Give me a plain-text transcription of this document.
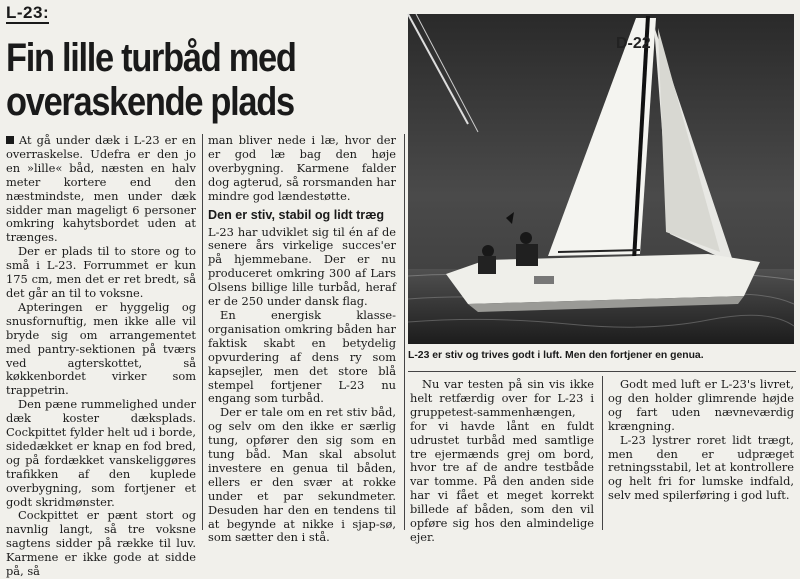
L-23:
Fin lille turbåd med
overaskende plads
D-22
L-23 er stiv og trives godt i luft. Men den fortjener en genua.

At gå under dæk i L-23 er en overraskelse. Udefra er den jo en »lille« båd, næsten en halv meter kortere end den næstmindste, men under dæk sidder man mageligt 6 personer omkring kahytsbordet uden at trænges.

Der er plads til to store og to små i L-23. Forrummet er kun 175 cm, men det er ret bredt, så det går an til to voksne.

Apteringen er hyggelig og snusfornuftig, men ikke alle vil bryde sig om arrangementet med pantry-sektionen på tværs ved agterskottet, så køkkenbordet virker som trappetrin.

Den pæne rummelighed under dæk koster dæksplads. Cockpittet fylder helt ud i borde, sidedækket er knap en fod bred, og på fordækket vanskeliggøres trafikken af den kuplede overbygning, som fortjener et godt skridmønster.

Cockpittet er pænt stort og navnlig langt, så tre voksne sagtens sidder på række til luv. Karmene er ikke gode at sidde på, så

man bliver nede i læ, hvor der er god læ bag den høje overbygning. Karmene falder dog agterud, så rorsmanden har mindre god lændestøtte.

Den er stiv, stabil og lidt træg

L-23 har udviklet sig til én af de senere års virkelige succes'er på hjemmebane. Der er nu produceret omkring 300 af Lars Olsens billige lille turbåd, heraf er de 250 under dansk flag.

En energisk klasse-organisation omkring båden har faktisk skabt en betydelig opvurdering af dens ry som kapsejler, men det store blå stempel fortjener L-23 nu engang som turbåd.

Der er tale om en ret stiv båd, og selv om den ikke er særlig tung, opfører den sig som en tung båd. Man skal absolut investere en genua til båden, ellers er den svær at rokke under et par sekundmeter. Desuden har den en tendens til at begynde at nikke i sjap-sø, som sætter den i stå.

Nu var testen på sin vis ikke helt retfærdig over for L-23 i gruppetest-sammenhængen, for vi havde lånt en fuldt udrustet turbåd med samtlige tre ejermænds grej om bord, hvor tre af de andre testbåde var tomme. På den anden side har vi fået et meget korrekt billede af båden, som den vil opføre sig hos den almindelige ejer.

Godt med luft er L-23's livret, og den holder glimrende højde og fart uden nævneværdig krængning.

L-23 lystrer roret lidt trægt, men den er udpræget retningsstabil, let at kontrollere og helt fri for lumske indfald, selv med spilerføring i god luft.
